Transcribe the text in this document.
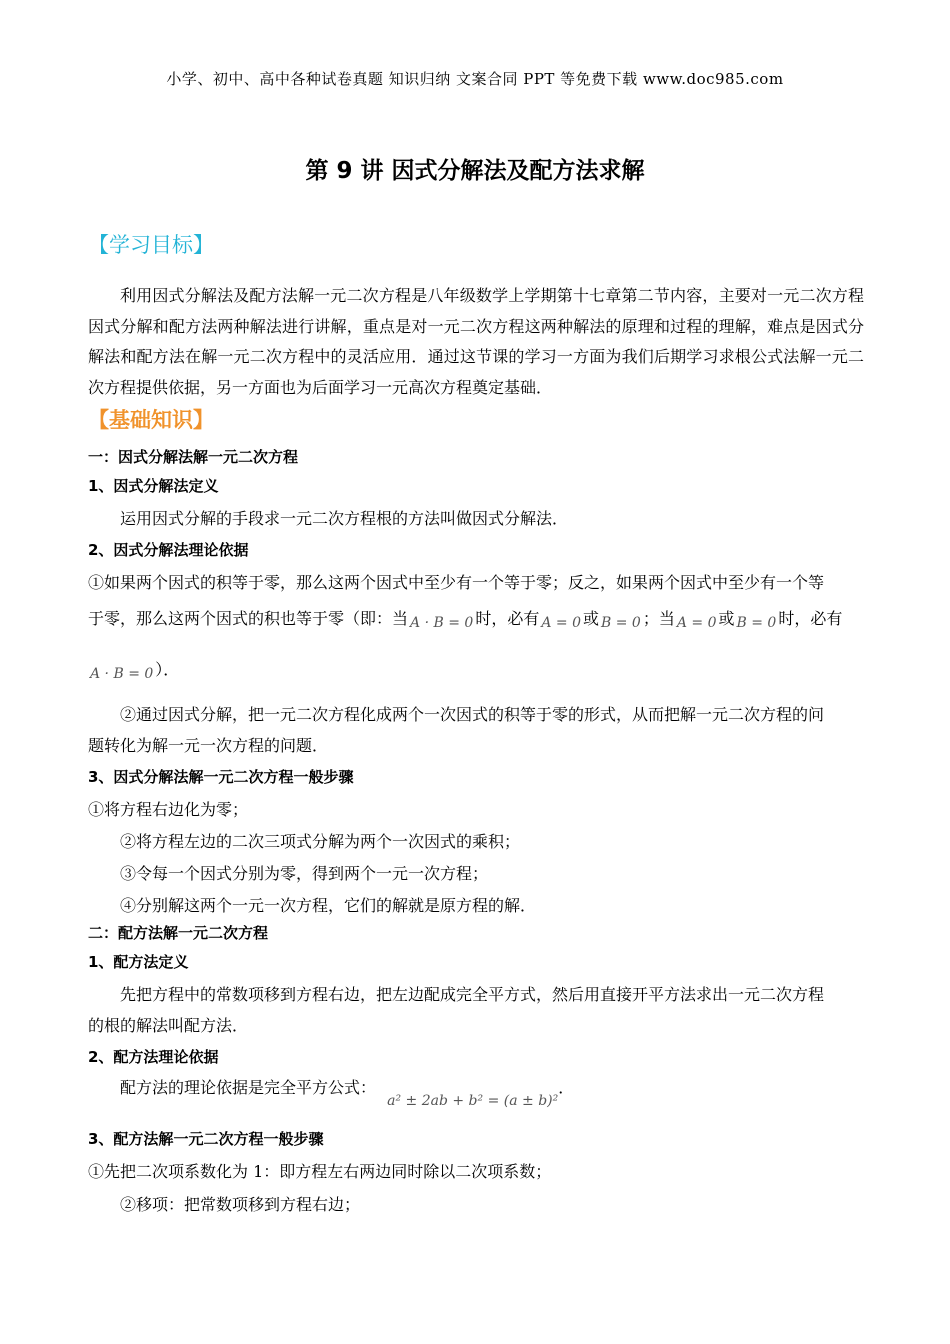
小学、初中、高中各种试卷真题 知识归纳 文案合同 PPT 等免费下载 www.doc985.com
第 9 讲 因式分解法及配方法求解
【学习目标】
利用因式分解法及配方法解一元二次方程是八年级数学上学期第十七章第二节内容，主要对一元二次方程因式分解和配方法两种解法进行讲解，重点是对一元二次方程这两种解法的原理和过程的理解，难点是因式分解法和配方法在解一元二次方程中的灵活应用．通过这节课的学习一方面为我们后期学习求根公式法解一元二次方程提供依据，另一方面也为后面学习一元高次方程奠定基础．
【基础知识】
一：因式分解法解一元二次方程
1、因式分解法定义
运用因式分解的手段求一元二次方程根的方法叫做因式分解法．
2、因式分解法理论依据
①如果两个因式的积等于零，那么这两个因式中至少有一个等于零；反之，如果两个因式中至少有一个等
于零，那么这两个因式的积也等于零（即：当 A · B = 0 时，必有 A = 0 或 B = 0 ；当 A = 0 或 B = 0 时，必有
A · B = 0 ）．
②通过因式分解，把一元二次方程化成两个一次因式的积等于零的形式，从而把解一元二次方程的问
题转化为解一元一次方程的问题．
3、因式分解法解一元二次方程一般步骤
①将方程右边化为零；
②将方程左边的二次三项式分解为两个一次因式的乘积；
③令每一个因式分别为零，得到两个一元一次方程；
④分别解这两个一元一次方程，它们的解就是原方程的解．
二：配方法解一元二次方程
1、配方法定义
先把方程中的常数项移到方程右边，把左边配成完全平方式，然后用直接开平方法求出一元二次方程
的根的解法叫配方法．
2、配方法理论依据
配方法的理论依据是完全平方公式： a² ± 2ab + b² = (a ± b)²．
3、配方法解一元二次方程一般步骤
①先把二次项系数化为 1：即方程左右两边同时除以二次项系数；
②移项：把常数项移到方程右边；
